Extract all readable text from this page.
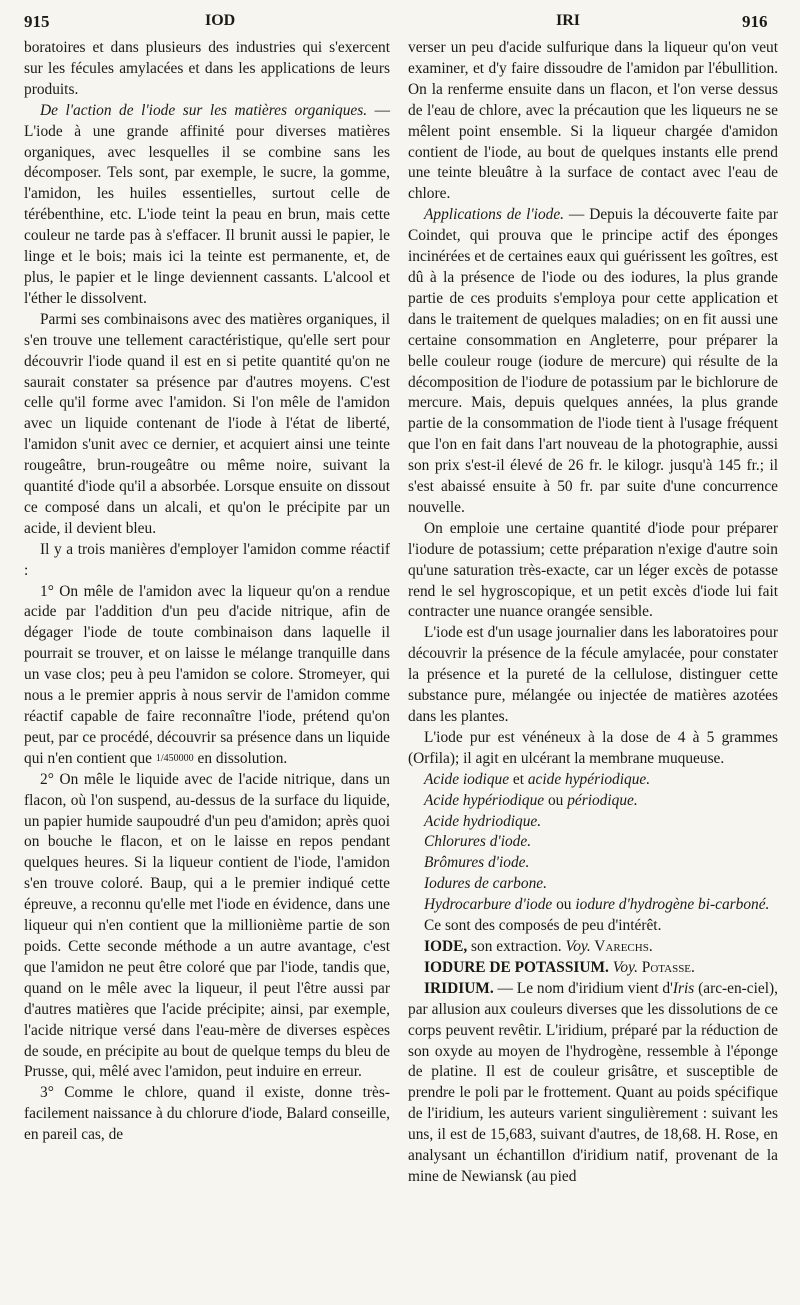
915	IOD	IRI	916

boratoires et dans plusieurs des industries qui s'exercent sur les fécules amylacées et dans les applications de leurs produits.

De l'action de l'iode sur les matières organiques. — L'iode à une grande affinité pour diverses matières organiques, avec lesquelles il se combine sans les décomposer. Tels sont, par exemple, le sucre, la gomme, l'amidon, les huiles essentielles, surtout celle de térébenthine, etc. L'iode teint la peau en brun, mais cette couleur ne tarde pas à s'effacer. Il brunit aussi le papier, le linge et le bois; mais ici la teinte est permanente, et, de plus, le papier et le linge deviennent cassants. L'alcool et l'éther le dissolvent.

Parmi ses combinaisons avec des matières organiques, il s'en trouve une tellement caractéristique, qu'elle sert pour découvrir l'iode quand il est en si petite quantité qu'on ne saurait constater sa présence par d'autres moyens. C'est celle qu'il forme avec l'amidon. Si l'on mêle de l'amidon avec un liquide contenant de l'iode à l'état de liberté, l'amidon s'unit avec ce dernier, et acquiert ainsi une teinte rougeâtre, brun-rougeâtre ou même noire, suivant la quantité d'iode qu'il a absorbée. Lorsque ensuite on dissout ce composé dans un alcali, et qu'on le précipite par un acide, il devient bleu.

Il y a trois manières d'employer l'amidon comme réactif :

1° On mêle de l'amidon avec la liqueur qu'on a rendue acide par l'addition d'un peu d'acide nitrique, afin de dégager l'iode de toute combinaison dans laquelle il pourrait se trouver, et on laisse le mélange tranquille dans un vase clos; peu à peu l'amidon se colore. Stromeyer, qui nous a le premier appris à nous servir de l'amidon comme réactif capable de faire reconnaître l'iode, prétend qu'on peut, par ce procédé, découvrir sa présence dans un liquide qui n'en contient que 1/450000 en dissolution.

2° On mêle le liquide avec de l'acide nitrique, dans un flacon, où l'on suspend, au-dessus de la surface du liquide, un papier humide saupoudré d'un peu d'amidon; après quoi on bouche le flacon, et on le laisse en repos pendant quelques heures. Si la liqueur contient de l'iode, l'amidon s'en trouve coloré. Baup, qui a le premier indiqué cette épreuve, a reconnu qu'elle met l'iode en évidence, dans une liqueur qui n'en contient que la millionième partie de son poids. Cette seconde méthode a un autre avantage, c'est que l'amidon ne peut être coloré que par l'iode, tandis que, quand on le mêle avec la liqueur, il peut l'être aussi par d'autres matières que l'acide précipite; ainsi, par exemple, l'acide nitrique versé dans l'eau-mère de diverses espèces de soude, en précipite au bout de quelque temps du bleu de Prusse, qui, mêlé avec l'amidon, peut induire en erreur.

3° Comme le chlore, quand il existe, donne très-facilement naissance à du chlorure d'iode, Balard conseille, en pareil cas, de

verser un peu d'acide sulfurique dans la liqueur qu'on veut examiner, et d'y faire dissoudre de l'amidon par l'ébullition. On la renferme ensuite dans un flacon, et l'on verse dessus de l'eau de chlore, avec la précaution que les liqueurs ne se mêlent point ensemble. Si la liqueur chargée d'amidon contient de l'iode, au bout de quelques instants elle prend une teinte bleuâtre à la surface de contact avec l'eau de chlore.

Applications de l'iode. — Depuis la découverte faite par Coindet, qui prouva que le principe actif des éponges incinérées et de certaines eaux qui guérissent les goîtres, est dû à la présence de l'iode ou des iodures, la plus grande partie de ces produits s'employa pour cette application et dans le traitement de quelques maladies; on en fit aussi une certaine consommation en Angleterre, pour préparer la belle couleur rouge (iodure de mercure) qui résulte de la décomposition de l'iodure de potassium par le bichlorure de mercure. Mais, depuis quelques années, la plus grande partie de la consommation de l'iode tient à l'usage fréquent que l'on en fait dans l'art nouveau de la photographie, aussi son prix s'est-il élevé de 26 fr. le kilogr. jusqu'à 145 fr.; il s'est abaissé ensuite à 50 fr. par suite d'une concurrence nouvelle.

On emploie une certaine quantité d'iode pour préparer l'iodure de potassium; cette préparation n'exige d'autre soin qu'une saturation très-exacte, car un léger excès de potasse rend le sel hygroscopique, et un petit excès d'iode lui fait contracter une nuance orangée sensible.

L'iode est d'un usage journalier dans les laboratoires pour découvrir la présence de la fécule amylacée, pour constater la présence et la pureté de la cellulose, distinguer cette substance pure, mélangée ou injectée de matières azotées dans les plantes.

L'iode pur est vénéneux à la dose de 4 à 5 grammes (Orfila); il agit en ulcérant la membrane muqueuse.

Acide iodique et acide hypériodique.

Acide hypériodique ou périodique.

Acide hydriodique.

Chlorures d'iode.

Brômures d'iode.

Iodures de carbone.

Hydrocarbure d'iode ou iodure d'hydrogène bi-carboné.

Ce sont des composés de peu d'intérêt.

IODE, son extraction. Voy. Varechs.

IODURE DE POTASSIUM. Voy. Potasse.

IRIDIUM. — Le nom d'iridium vient d'Iris (arc-en-ciel), par allusion aux couleurs diverses que les dissolutions de ce corps peuvent revêtir. L'iridium, préparé par la réduction de son oxyde au moyen de l'hydrogène, ressemble à l'éponge de platine. Il est de couleur grisâtre, et susceptible de prendre le poli par le frottement. Quant au poids spécifique de l'iridium, les auteurs varient singulièrement : suivant les uns, il est de 15,683, suivant d'autres, de 18,68. H. Rose, en analysant un échantillon d'iridium natif, provenant de la mine de Newiansk (au pied
